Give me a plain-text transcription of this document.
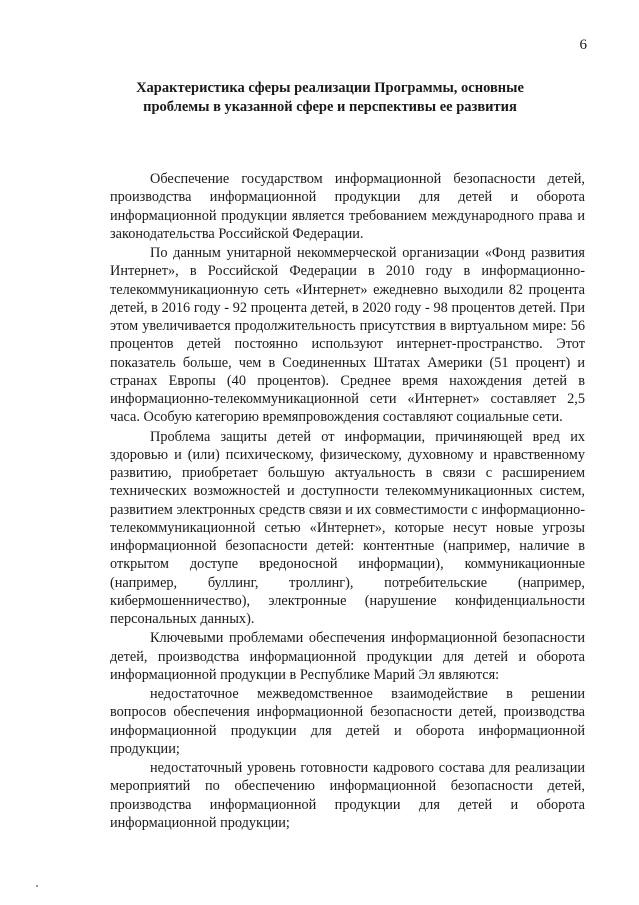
6
Характеристика сферы реализации Программы, основные проблемы в указанной сфере и перспективы ее развития

Обеспечение государством информационной безопасности детей, производства информационной продукции для детей и оборота информационной продукции является требованием международного права и законодательства Российской Федерации.

По данным унитарной некоммерческой организации «Фонд развития Интернет», в Российской Федерации в 2010 году в информационно-телекоммуникационную сеть «Интернет» ежедневно выходили 82 процента детей, в 2016 году - 92 процента детей, в 2020 году - 98 процентов детей. При этом увеличивается продолжительность присутствия в виртуальном мире: 56 процентов детей постоянно используют интернет-пространство. Этот показатель больше, чем в Соединенных Штатах Америки (51 процент) и странах Европы (40 процентов). Среднее время нахождения детей в информационно-телекоммуникационной сети «Интернет» составляет 2,5 часа. Особую категорию времяпровождения составляют социальные сети.

Проблема защиты детей от информации, причиняющей вред их здоровью и (или) психическому, физическому, духовному и нравственному развитию, приобретает большую актуальность в связи с расширением технических возможностей и доступности телекоммуникационных систем, развитием электронных средств связи и их совместимости с информационно-телекоммуникационной сетью «Интернет», которые несут новые угрозы информационной безопасности детей: контентные (например, наличие в открытом доступе вредоносной информации), коммуникационные (например, буллинг, троллинг), потребительские (например, кибермошенничество), электронные (нарушение конфиденциальности персональных данных).

Ключевыми проблемами обеспечения информационной безопасности детей, производства информационной продукции для детей и оборота информационной продукции в Республике Марий Эл являются:

недостаточное межведомственное взаимодействие в решении вопросов обеспечения информационной безопасности детей, производства информационной продукции для детей и оборота информационной продукции;

недостаточный уровень готовности кадрового состава для реализации мероприятий по обеспечению информационной безопасности детей, производства информационной продукции для детей и оборота информационной продукции;
